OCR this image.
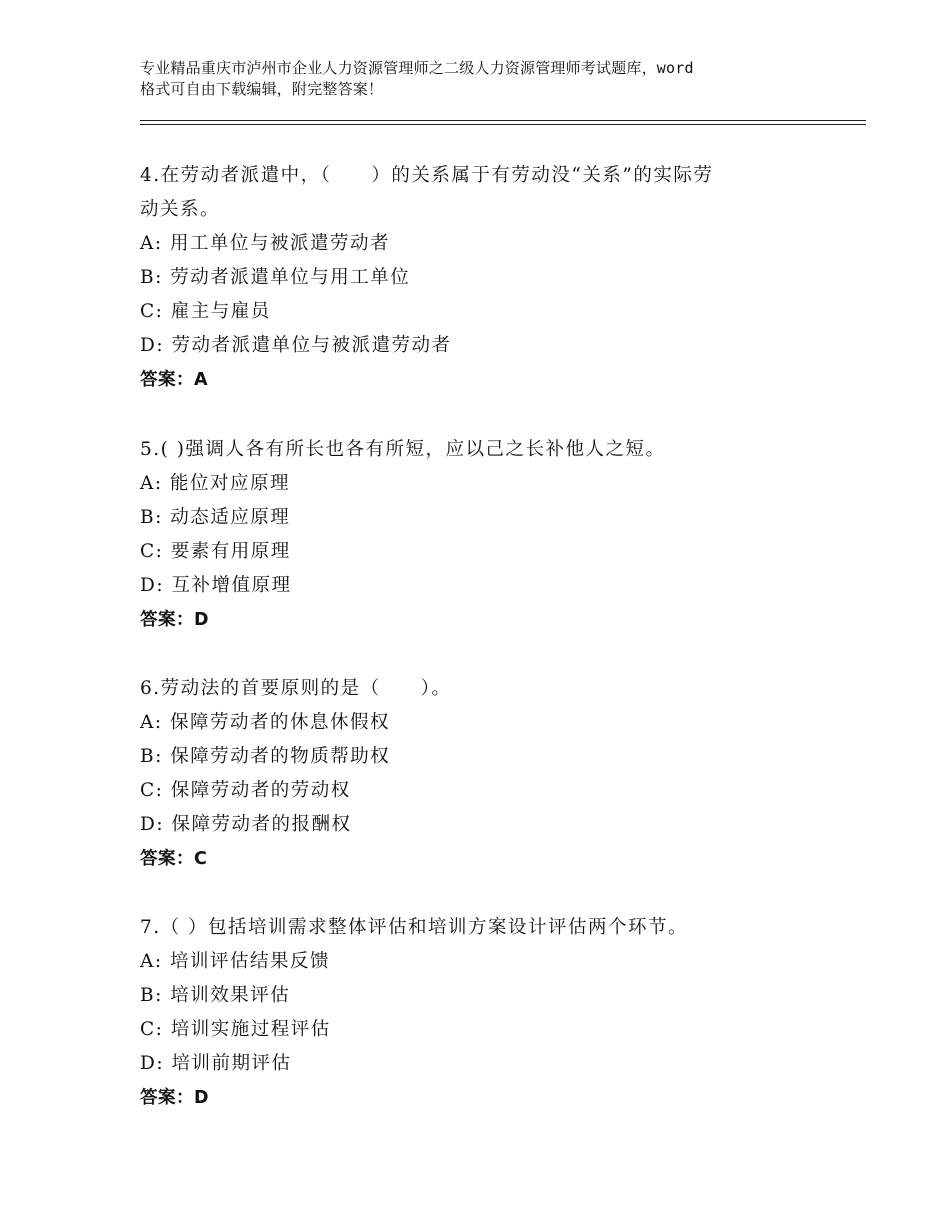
专业精品重庆市泸州市企业人力资源管理师之二级人力资源管理师考试题库，word
格式可自由下载编辑，附完整答案！
4.在劳动者派遣中，（　　）的关系属于有劳动没“关系”的实际劳
动关系。
A: 用工单位与被派遣劳动者
B: 劳动者派遣单位与用工单位
C: 雇主与雇员
D: 劳动者派遣单位与被派遣劳动者
答案：A
5.( )强调人各有所长也各有所短，应以己之长补他人之短。
A: 能位对应原理
B: 动态适应原理
C: 要素有用原理
D: 互补增值原理
答案：D
6.劳动法的首要原则的是（　　）。
A: 保障劳动者的休息休假权
B: 保障劳动者的物质帮助权
C: 保障劳动者的劳动权
D: 保障劳动者的报酬权
答案：C
7.（ ）包括培训需求整体评估和培训方案设计评估两个环节。
A: 培训评估结果反馈
B: 培训效果评估
C: 培训实施过程评估
D: 培训前期评估
答案：D
